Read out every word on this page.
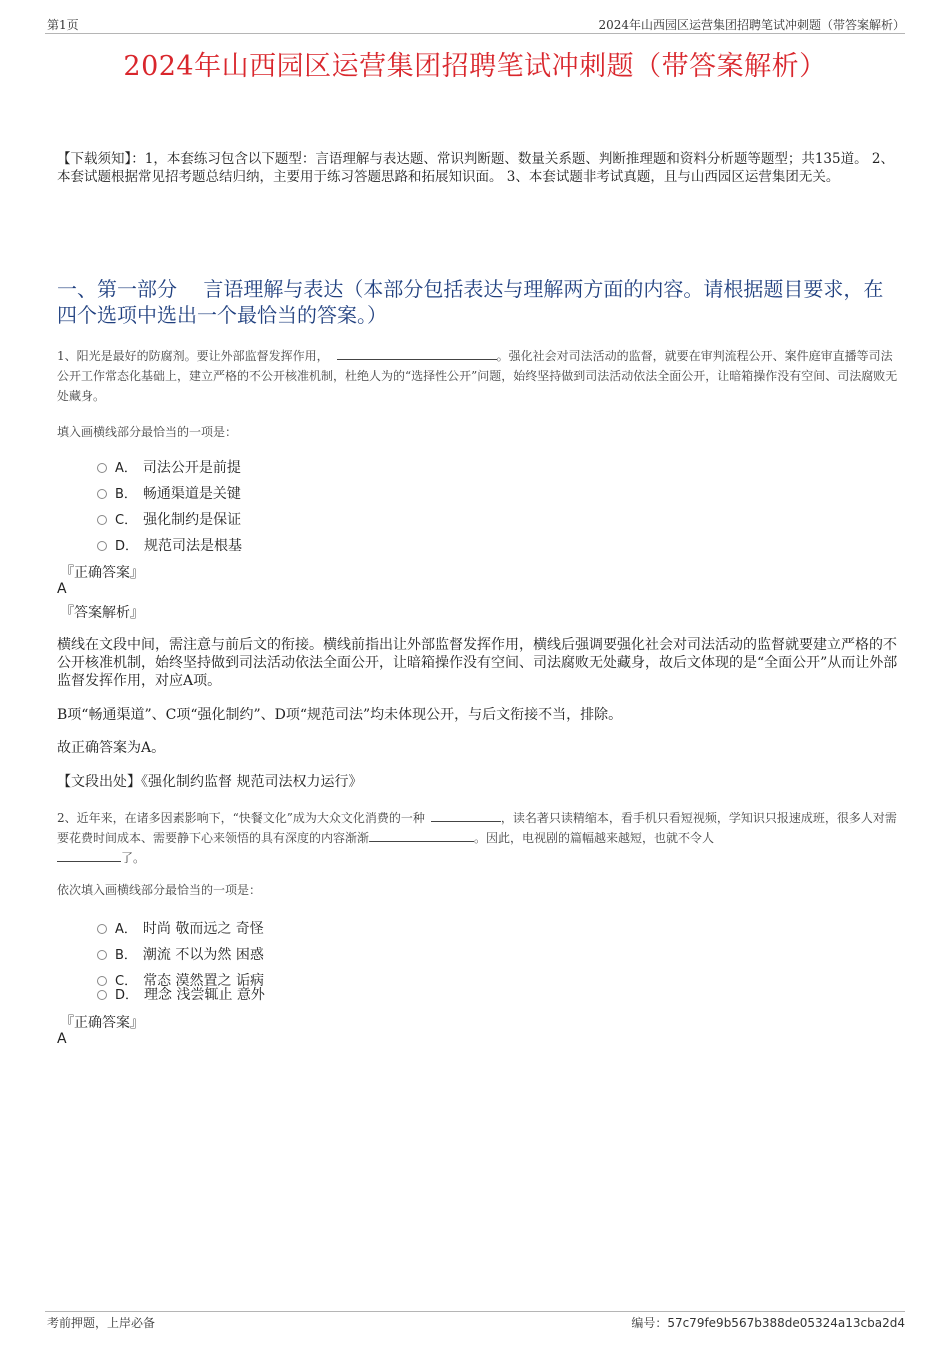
第1页	2024年山西园区运营集团招聘笔试冲刺题（带答案解析）
2024年山西园区运营集团招聘笔试冲刺题（带答案解析）
【下载须知】：1，本套练习包含以下题型：言语理解与表达题、常识判断题、数量关系题、判断推理题和资料分析题等题型；共135道。 2、本套试题根据常见招考题总结归纳，主要用于练习答题思路和拓展知识面。 3、本套试题非考试真题，且与山西园区运营集团无关。
一、第一部分　 言语理解与表达（本部分包括表达与理解两方面的内容。请根据题目要求，在四个选项中选出一个最恰当的答案。）
1、阳光是最好的防腐剂。要让外部监督发挥作用，	。强化社会对司法活动的监督，就要在审判流程公开、案件庭审直播等司法公开工作常态化基础上，建立严格的不公开核准机制，杜绝人为的“选择性公开”问题，始终坚持做到司法活动依法全面公开，让暗箱操作没有空间、司法腐败无处藏身。
填入画横线部分最恰当的一项是：
A． 司法公开是前提
B． 畅通渠道是关键
C． 强化制约是保证
D． 规范司法是根基
『正确答案』
A
『答案解析』
横线在文段中间，需注意与前后文的衔接。横线前指出让外部监督发挥作用，横线后强调要强化社会对司法活动的监督就要建立严格的不公开核准机制，始终坚持做到司法活动依法全面公开，让暗箱操作没有空间、司法腐败无处藏身，故后文体现的是“全面公开”从而让外部监督发挥作用，对应A项。
B项“畅通渠道”、C项“强化制约”、D项“规范司法”均未体现公开，与后文衔接不当，排除。
故正确答案为A。
【文段出处】《强化制约监督 规范司法权力运行》
2、近年来，在诸多因素影响下，“快餐文化”成为大众文化消费的一种	，读名著只读精缩本，看手机只看短视频，学知识只报速成班，很多人对需要花费时间成本、需要静下心来领悟的具有深度的内容渐渐	。因此，电视剧的篇幅越来越短，也就不令人
了。
依次填入画横线部分最恰当的一项是：
A． 时尚 敬而远之 奇怪
B． 潮流 不以为然 困惑
C． 常态 漠然置之 诟病
D． 理念 浅尝辄止 意外
『正确答案』
A
考前押题，上岸必备	编号：57c79fe9b567b388de05324a13cba2d4
